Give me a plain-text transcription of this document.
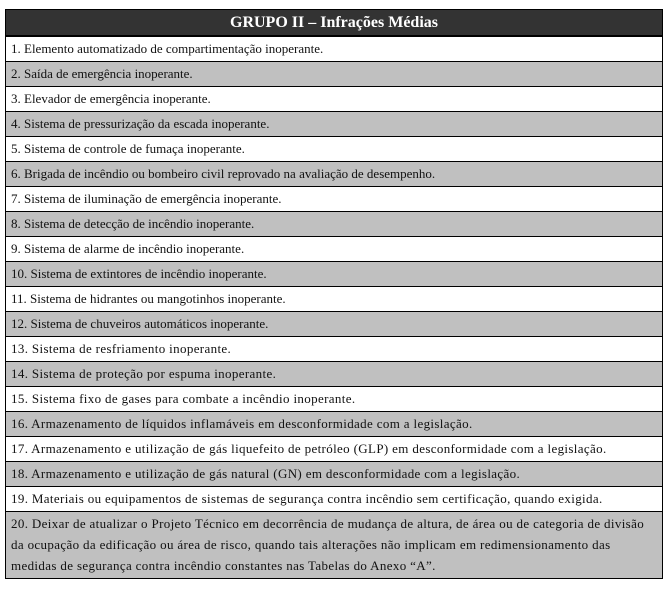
GRUPO II – Infrações Médias
1. Elemento automatizado de compartimentação inoperante.
2. Saída de emergência inoperante.
3. Elevador de emergência inoperante.
4. Sistema de pressurização da escada inoperante.
5. Sistema de controle de fumaça inoperante.
6. Brigada de incêndio ou bombeiro civil reprovado na avaliação de desempenho.
7. Sistema de iluminação de emergência inoperante.
8. Sistema de detecção de incêndio inoperante.
9. Sistema de alarme de incêndio inoperante.
10. Sistema de extintores de incêndio inoperante.
11. Sistema de hidrantes ou mangotinhos inoperante.
12. Sistema de chuveiros automáticos inoperante.
13. Sistema de resfriamento inoperante.
14. Sistema de proteção por espuma inoperante.
15. Sistema fixo de gases para combate a incêndio inoperante.
16. Armazenamento de líquidos inflamáveis em desconformidade com a legislação.
17. Armazenamento e utilização de gás liquefeito de petróleo (GLP) em desconformidade com a legislação.
18. Armazenamento e utilização de gás natural (GN) em desconformidade com a legislação.
19. Materiais ou equipamentos de sistemas de segurança contra incêndio sem certificação, quando exigida.
20. Deixar de atualizar o Projeto Técnico em decorrência de mudança de altura, de área ou de categoria de divisão da ocupação da edificação ou área de risco, quando tais alterações não implicam em redimensionamento das medidas de segurança contra incêndio constantes nas Tabelas do Anexo “A”.
